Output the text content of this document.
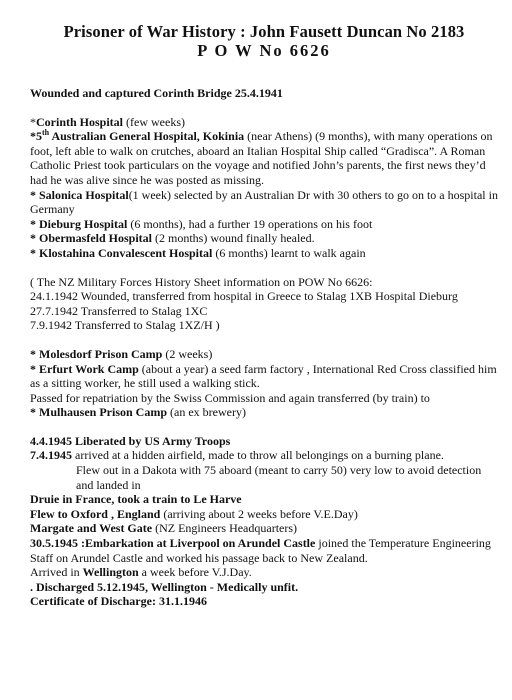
Prisoner of War History : John Fausett Duncan No 2183
P O W No 6626

Wounded and captured Corinth Bridge 25.4.1941

*Corinth Hospital (few weeks)

*5th Australian General Hospital, Kokinia (near Athens) (9 months), with many operations on foot, left able to walk on crutches, aboard an Italian Hospital Ship called “Gradisca”. A Roman Catholic Priest took particulars on the voyage and notified John’s parents, the first news they’d had he was alive since he was posted as missing.

* Salonica Hospital(1 week) selected by an Australian Dr with 30 others to go on to a hospital in Germany

* Dieburg Hospital (6 months), had a further 19 operations on his foot

* Obermasfeld Hospital (2 months) wound finally healed.

* Klostahina Convalescent Hospital (6 months) learnt to walk again

( The NZ Military Forces History Sheet information on POW No 6626:

24.1.1942 Wounded, transferred from hospital in Greece to Stalag 1XB Hospital Dieburg

27.7.1942 Transferred to Stalag 1XC

7.9.1942 Transferred to Stalag 1XZ/H )

* Molesdorf Prison Camp (2 weeks)

* Erfurt Work Camp (about a year) a seed farm factory , International Red Cross classified him as a sitting worker, he still used a walking stick.

Passed for repatriation by the Swiss Commission and again transferred (by train) to

* Mulhausen Prison Camp (an ex brewery)

4.4.1945 Liberated by US Army Troops

7.4.1945 arrived at a hidden airfield, made to throw all belongings on a burning plane.

Flew out in a Dakota with 75 aboard (meant to carry 50) very low to avoid detection and landed in

Druie in France, took a train to Le Harve

Flew to Oxford , England (arriving about 2 weeks before V.E.Day)

Margate and West Gate (NZ Engineers Headquarters)

30.5.1945 :Embarkation at Liverpool on Arundel Castle joined the Temperature Engineering Staff on Arundel Castle and worked his passage back to New Zealand.

Arrived in Wellington a week before V.J.Day.

. Discharged 5.12.1945, Wellington - Medically unfit.

Certificate of Discharge: 31.1.1946
